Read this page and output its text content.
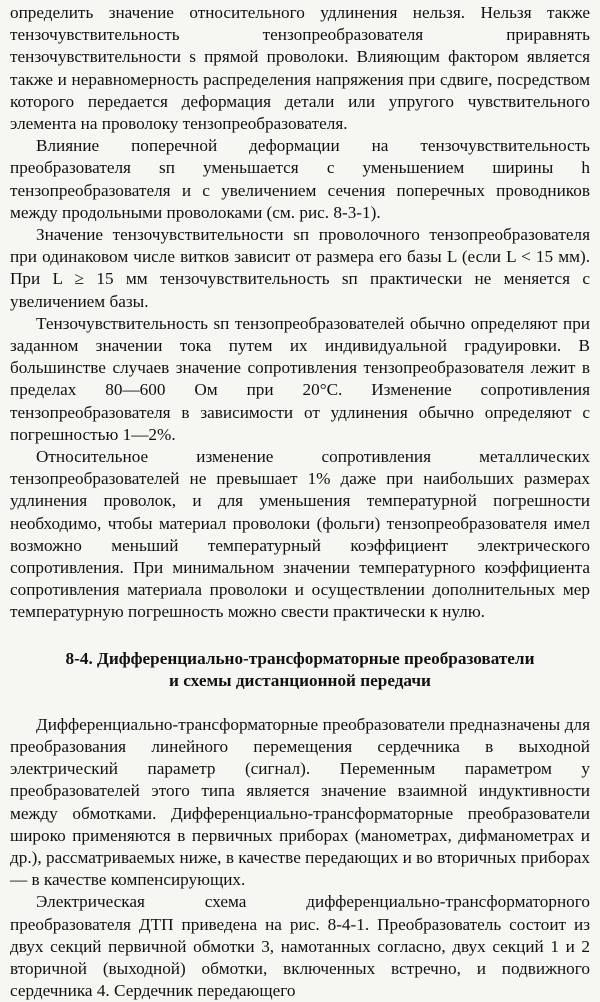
определить значение относительного удлинения нельзя. Нельзя также тензочувствительность тензопреобразователя приравнять тензочувствительности s прямой проволоки. Влияющим фактором является также и неравномерность распределения напряжения при сдвиге, посредством которого передается деформация детали или упругого чувствительного элемента на проволоку тензопреобразователя.

Влияние поперечной деформации на тензочувствительность преобразователя sп уменьшается с уменьшением ширины h тензопреобразователя и с увеличением сечения поперечных проводников между продольными проволоками (см. рис. 8-3-1).

Значение тензочувствительности sп проволочного тензопреобразователя при одинаковом числе витков зависит от размера его базы L (если L < 15 мм). При L ≥ 15 мм тензочувствительность sп практически не меняется с увеличением базы.

Тензочувствительность sп тензопреобразователей обычно определяют при заданном значении тока путем их индивидуальной градуировки. В большинстве случаев значение сопротивления тензопреобразователя лежит в пределах 80—600 Ом при 20°С. Изменение сопротивления тензопреобразователя в зависимости от удлинения обычно определяют с погрешностью 1—2%.

Относительное изменение сопротивления металлических тензопреобразователей не превышает 1% даже при наибольших размерах удлинения проволок, и для уменьшения температурной погрешности необходимо, чтобы материал проволоки (фольги) тензопреобразователя имел возможно меньший температурный коэффициент электрического сопротивления. При минимальном значении температурного коэффициента сопротивления материала проволоки и осуществлении дополнительных мер температурную погрешность можно свести практически к нулю.

8-4. Дифференциально-трансформаторные преобразователи

и схемы дистанционной передачи

Дифференциально-трансформаторные преобразователи предназначены для преобразования линейного перемещения сердечника в выходной электрический параметр (сигнал). Переменным параметром у преобразователей этого типа является значение взаимной индуктивности между обмотками. Дифференциально-трансформаторные преобразователи широко применяются в первичных приборах (манометрах, дифманометрах и др.), рассматриваемых ниже, в качестве передающих и во вторичных приборах — в качестве компенсирующих.

Электрическая схема дифференциально-трансформаторного преобразователя ДТП приведена на рис. 8-4-1. Преобразователь состоит из двух секций первичной обмотки 3, намотанных согласно, двух секций 1 и 2 вторичной (выходной) обмотки, включенных встречно, и подвижного сердечника 4. Сердечник передающего
